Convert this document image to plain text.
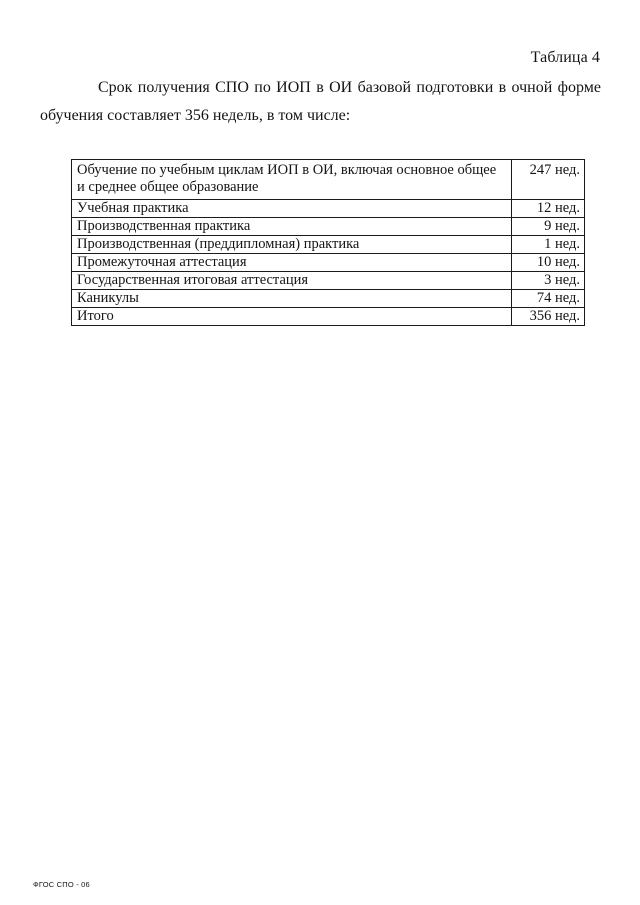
Таблица 4
Срок получения СПО по ИОП в ОИ базовой подготовки в очной форме обучения составляет 356 недель, в том числе:
Обучение по учебным циклам ИОП в ОИ, включая основное общее и среднее общее образование	247 нед.
Учебная практика	12 нед.
Производственная практика	9 нед.
Производственная (преддипломная) практика	1 нед.
Промежуточная аттестация	10 нед.
Государственная итоговая аттестация	3 нед.
Каникулы	74 нед.
Итого	356 нед.
ФГОС СПО - 06
